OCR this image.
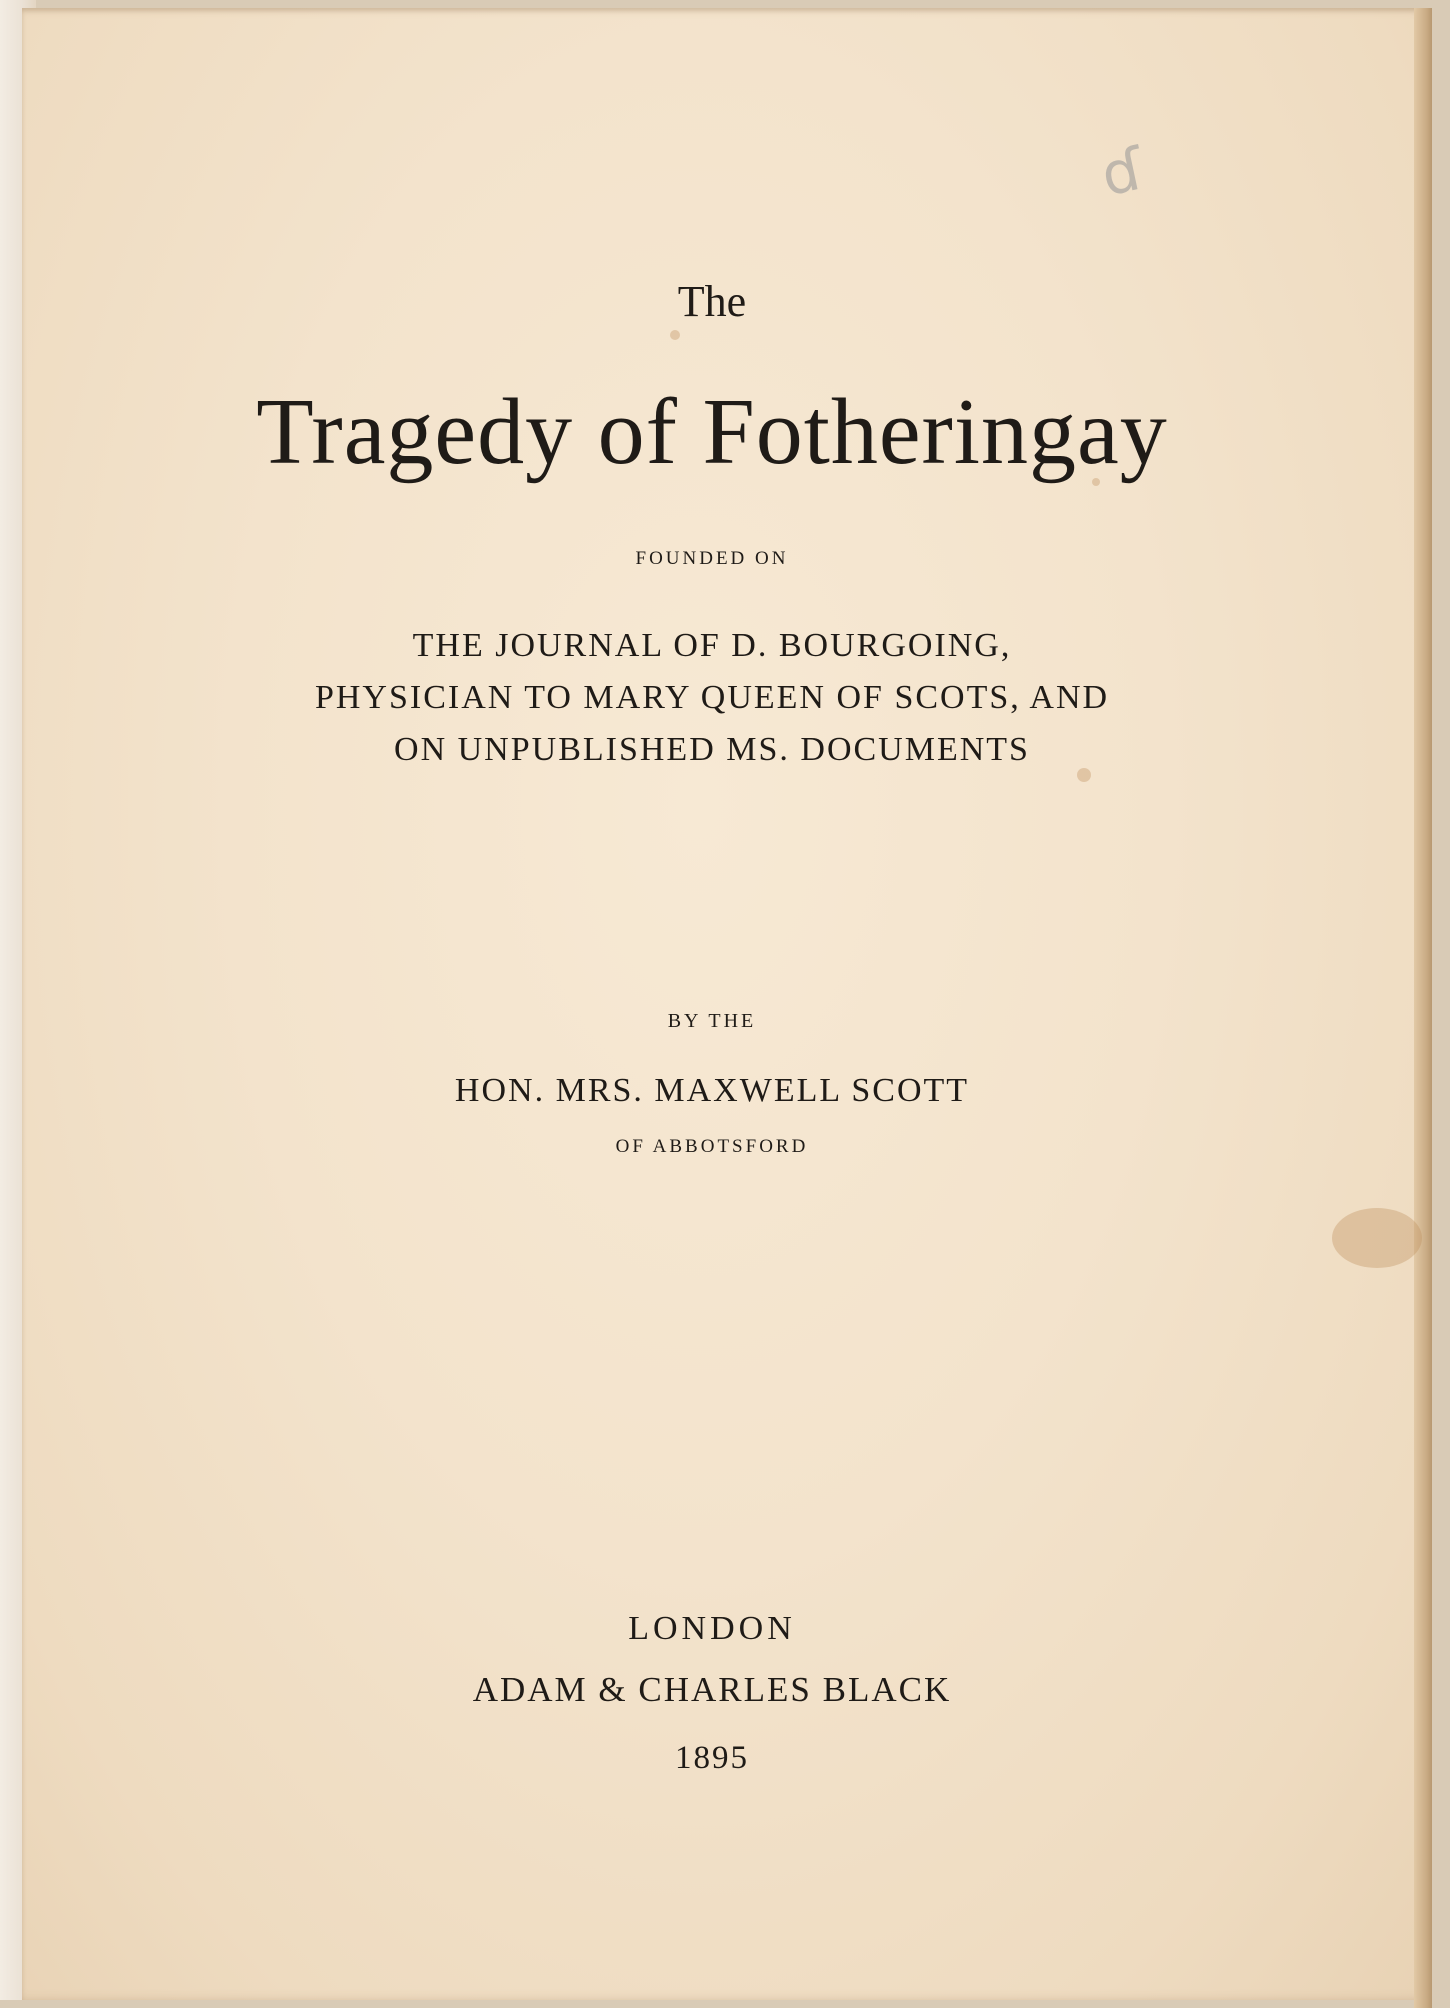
ɗ
The
Tragedy of Fotheringay
FOUNDED ON
THE JOURNAL OF D. BOURGOING,
PHYSICIAN TO MARY QUEEN OF SCOTS, AND
ON UNPUBLISHED MS. DOCUMENTS
BY THE
HON. MRS. MAXWELL SCOTT
OF ABBOTSFORD
LONDON
ADAM & CHARLES BLACK
1895
